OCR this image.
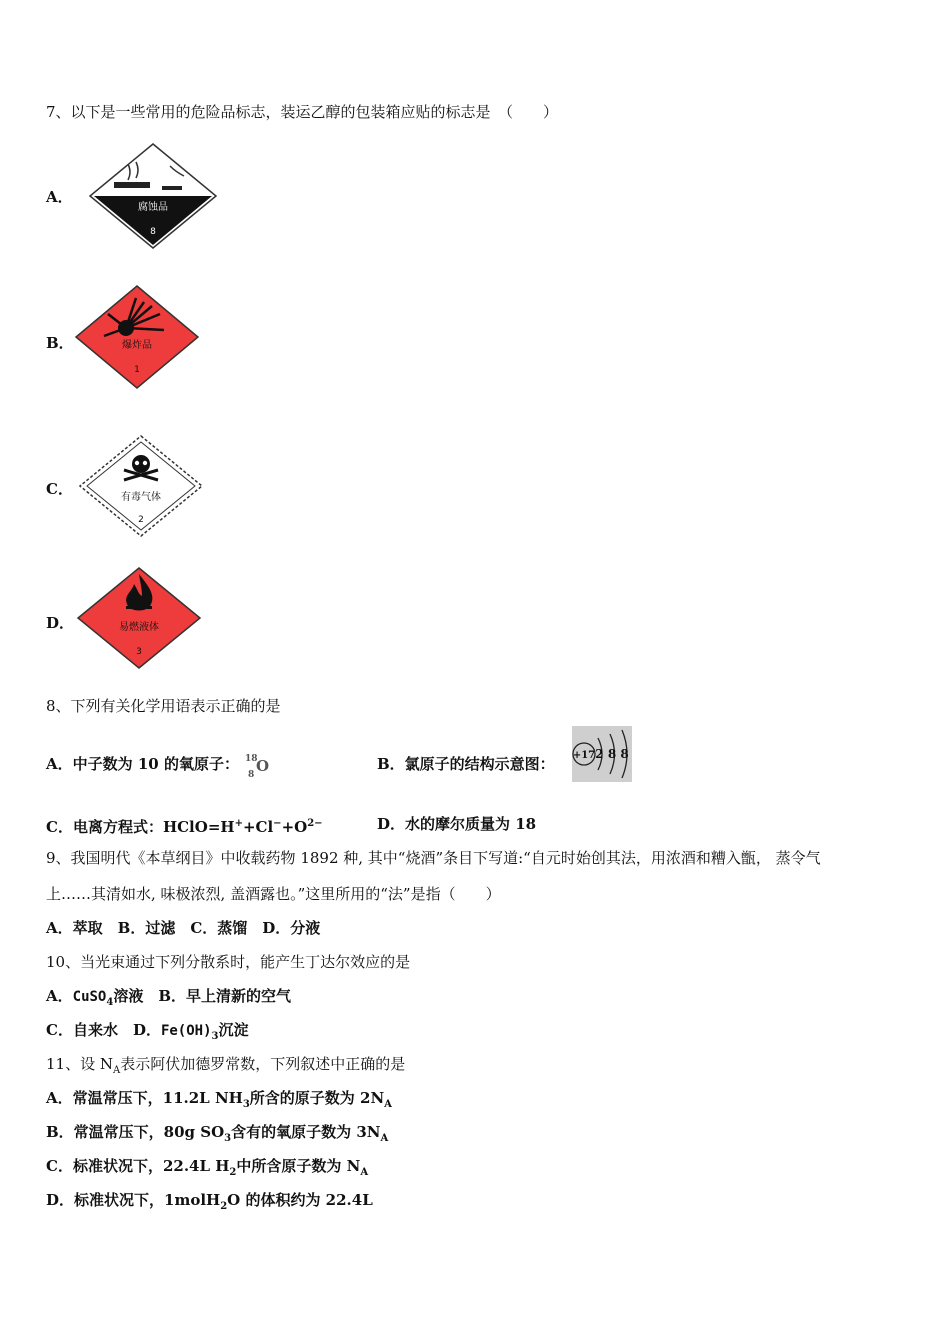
7、以下是一些常用的危险品标志，装运乙醇的包装箱应贴的标志是　（　　）
A．
腐蚀品
8
B．	爆炸品
1
C．	有毒气体
2
D．	易燃液体
3
8、下列有关化学用语表示正确的是
A．中子数为 10 的氧原子： 18
8 O	B．氯原子的结构示意图： +17 2 8 8
C．电离方程式：$HClO=H^++Cl^-+O^{2-}$	D．水的摩尔质量为 18
9、我国明代《本草纲目》中收载药物 1892 种, 其中“烧酒”条目下写道:“自元时始创其法，用浓酒和糟入甑， 蒸令气
上……其清如水, 味极浓烈, 盖酒露也。”这里所用的“法”是指（　　）
A．萃取　B．过滤　C．蒸馏　D．分液
10、当光束通过下列分散系时，能产生丁达尔效应的是
A．CuSO$_4$溶液　B．早上清新的空气
C．自来水　D．$Fe(OH)_3$沉淀
11、设 $N_A$表示阿伏加德罗常数，下列叙述中正确的是
A．常温常压下，11.2L $NH_3$所含的原子数为 $2N_A$
B．常温常压下，80g $SO_3$含有的氧原子数为 $3N_A$
C．标准状况下，22.4L $H_2$中所含原子数为 $N_A$
D．标准状况下，1molH$_2$O 的体积约为 22.4L
